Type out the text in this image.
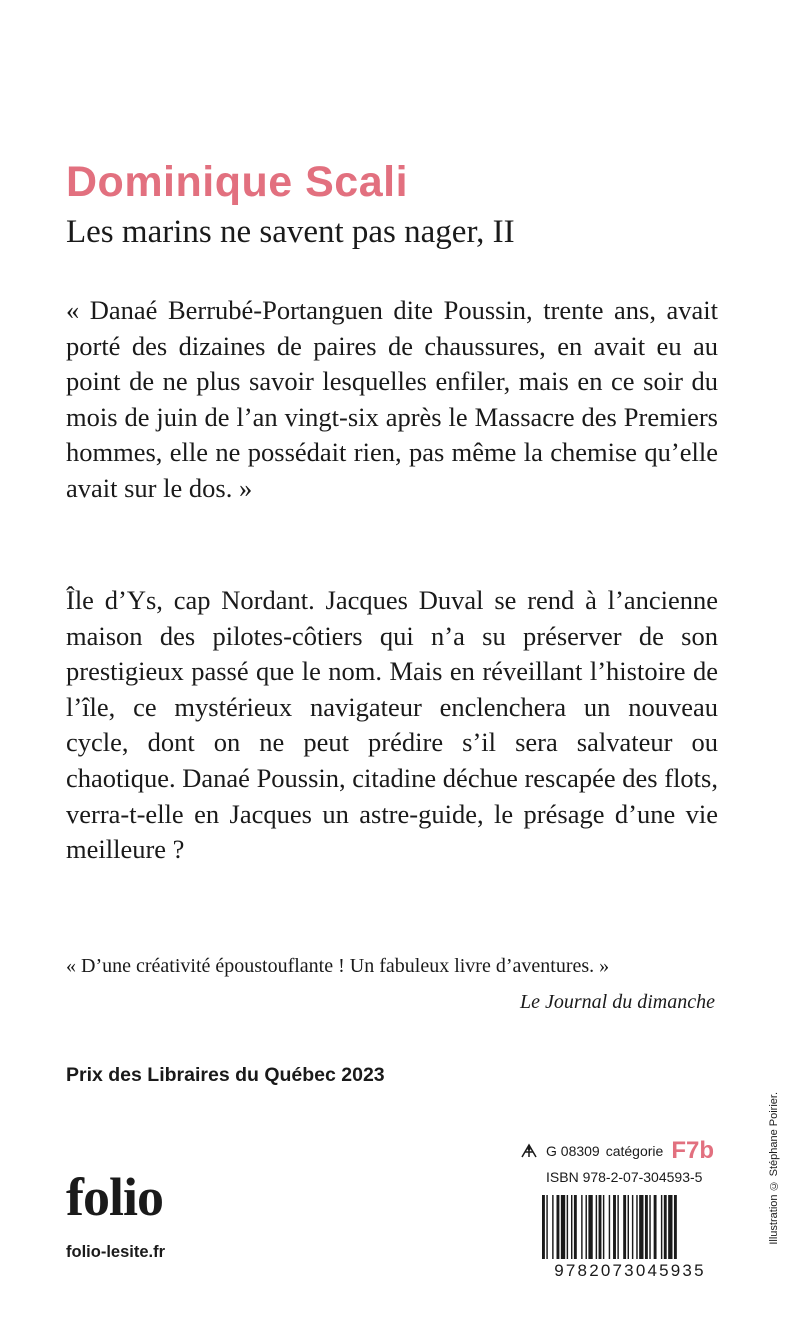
Dominique Scali
Les marins ne savent pas nager, II

« Danaé Berrubé-Portanguen dite Poussin, trente ans, avait porté des dizaines de paires de chaussures, en avait eu au point de ne plus savoir lesquelles enfiler, mais en ce soir du mois de juin de l’an vingt-six après le Massacre des Premiers hommes, elle ne possédait rien, pas même la chemise qu’elle avait sur le dos. »

Île d’Ys, cap Nordant. Jacques Duval se rend à l’ancienne maison des pilotes-côtiers qui n’a su préserver de son prestigieux passé que le nom. Mais en réveillant l’histoire de l’île, ce mystérieux navigateur enclenchera un nouveau cycle, dont on ne peut prédire s’il sera salvateur ou chaotique. Danaé Poussin, citadine déchue rescapée des flots, verra-t-elle en Jacques un astre-guide, le présage d’une vie meilleure ?

« D’une créativité époustouflante ! Un fabuleux livre d’aventures. »
Le Journal du dimanche
Prix des Libraires du Québec 2023
folio
folio-lesite.fr
G 08309 catégorie F7b
ISBN 978-2-07-304593-5
9782073045935
Illustration © Stéphane Poirier.
